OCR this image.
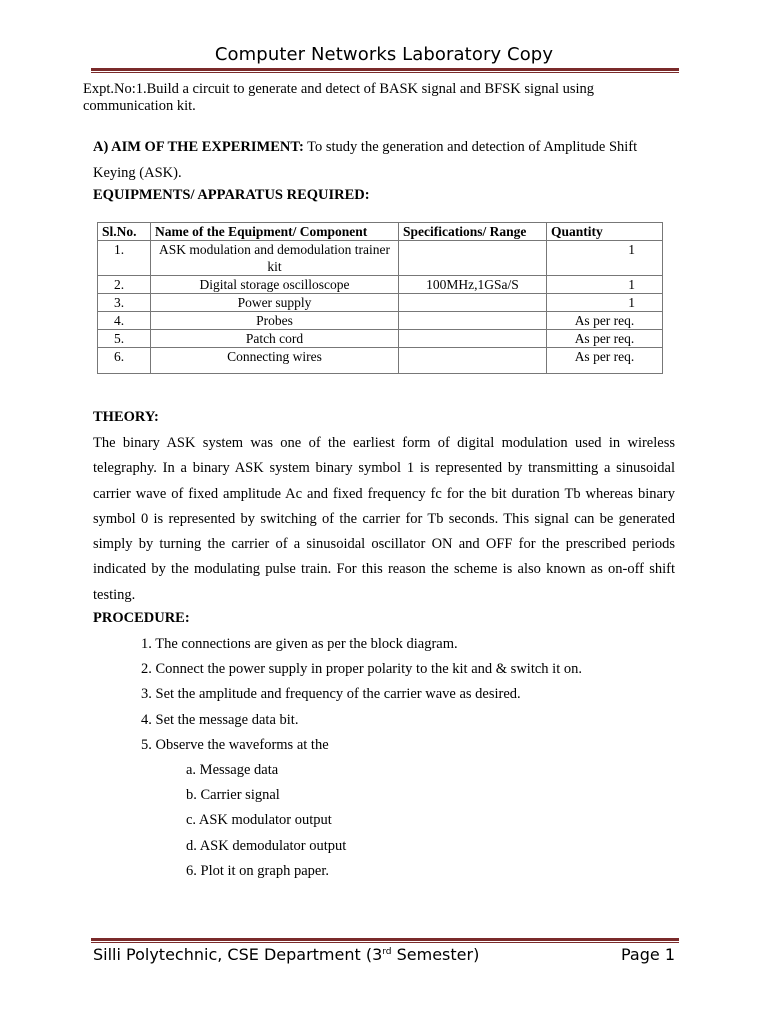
Computer Networks Laboratory Copy
Expt.No:1.Build a circuit to generate and detect of BASK signal and BFSK signal using communication kit.
A) AIM OF THE EXPERIMENT: To study the generation and detection of Amplitude Shift Keying (ASK).
EQUIPMENTS/ APPARATUS REQUIRED:
Sl.No.	Name of the Equipment/ Component	Specifications/ Range	Quantity
1.	ASK modulation and demodulation trainer kit		1
2.	Digital storage oscilloscope	100MHz,1GSa/S	1
3.	Power supply		1
4.	Probes		As per req.
5.	Patch cord		As per req.
6.	Connecting wires		As per req.
THEORY:

The binary ASK system was one of the earliest form of digital modulation used in wireless telegraphy. In a binary ASK system binary symbol 1 is represented by transmitting a sinusoidal carrier wave of fixed amplitude Ac and fixed frequency fc for the bit duration Tb whereas binary symbol 0 is represented by switching of the carrier for Tb seconds. This signal can be generated simply by turning the carrier of a sinusoidal oscillator ON and OFF for the prescribed periods indicated by the modulating pulse train. For this reason the scheme is also known as on-off shift testing.

PROCEDURE:
1. The connections are given as per the block diagram.
2. Connect the power supply in proper polarity to the kit and & switch it on.
3. Set the amplitude and frequency of the carrier wave as desired.
4. Set the message data bit.
5. Observe the waveforms at the
a. Message data
b. Carrier signal
c. ASK modulator output
d. ASK demodulator output
6. Plot it on graph paper.
Silli Polytechnic, CSE Department (3rd Semester)	Page 1
